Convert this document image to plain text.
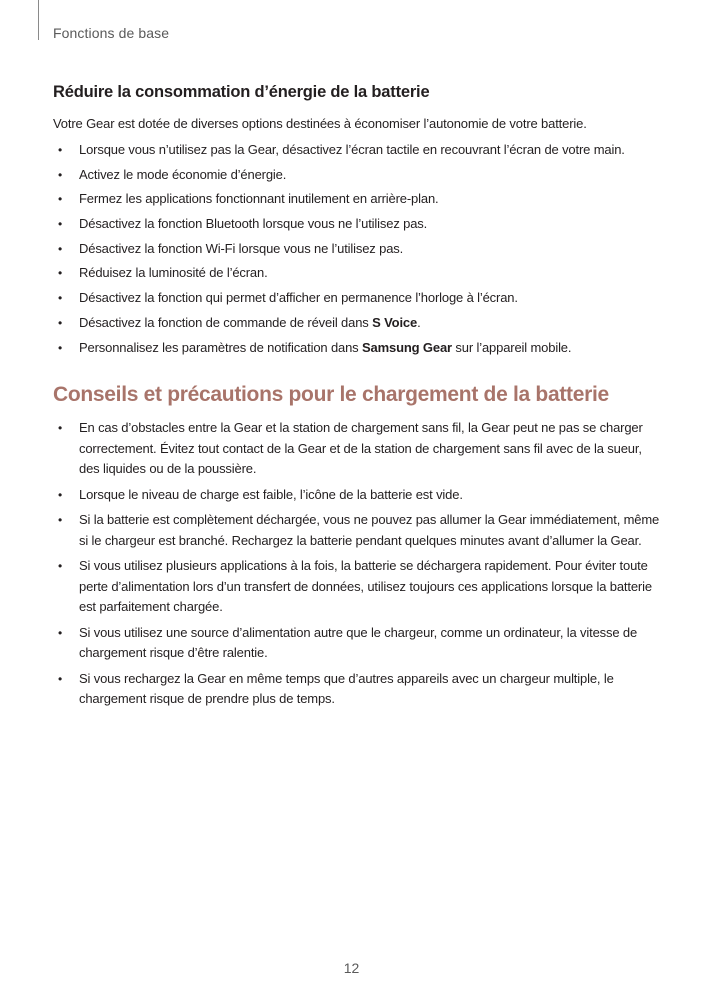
Fonctions de base
Réduire la consommation d’énergie de la batterie
Votre Gear est dotée de diverses options destinées à économiser l’autonomie de votre batterie.
• Lorsque vous n’utilisez pas la Gear, désactivez l’écran tactile en recouvrant l’écran de votre main.
• Activez le mode économie d’énergie.
• Fermez les applications fonctionnant inutilement en arrière-plan.
• Désactivez la fonction Bluetooth lorsque vous ne l’utilisez pas.
• Désactivez la fonction Wi-Fi lorsque vous ne l’utilisez pas.
• Réduisez la luminosité de l’écran.
• Désactivez la fonction qui permet d’afficher en permanence l’horloge à l’écran.
• Désactivez la fonction de commande de réveil dans S Voice.
• Personnalisez les paramètres de notification dans Samsung Gear sur l’appareil mobile.
Conseils et précautions pour le chargement de la batterie
• En cas d’obstacles entre la Gear et la station de chargement sans fil, la Gear peut ne pas se charger correctement. Évitez tout contact de la Gear et de la station de chargement sans fil avec de la sueur, des liquides ou de la poussière.
• Lorsque le niveau de charge est faible, l’icône de la batterie est vide.
• Si la batterie est complètement déchargée, vous ne pouvez pas allumer la Gear immédiatement, même si le chargeur est branché. Rechargez la batterie pendant quelques minutes avant d’allumer la Gear.
• Si vous utilisez plusieurs applications à la fois, la batterie se déchargera rapidement. Pour éviter toute perte d’alimentation lors d’un transfert de données, utilisez toujours ces applications lorsque la batterie est parfaitement chargée.
• Si vous utilisez une source d’alimentation autre que le chargeur, comme un ordinateur, la vitesse de chargement risque d’être ralentie.
• Si vous rechargez la Gear en même temps que d’autres appareils avec un chargeur multiple, le chargement risque de prendre plus de temps.
12
